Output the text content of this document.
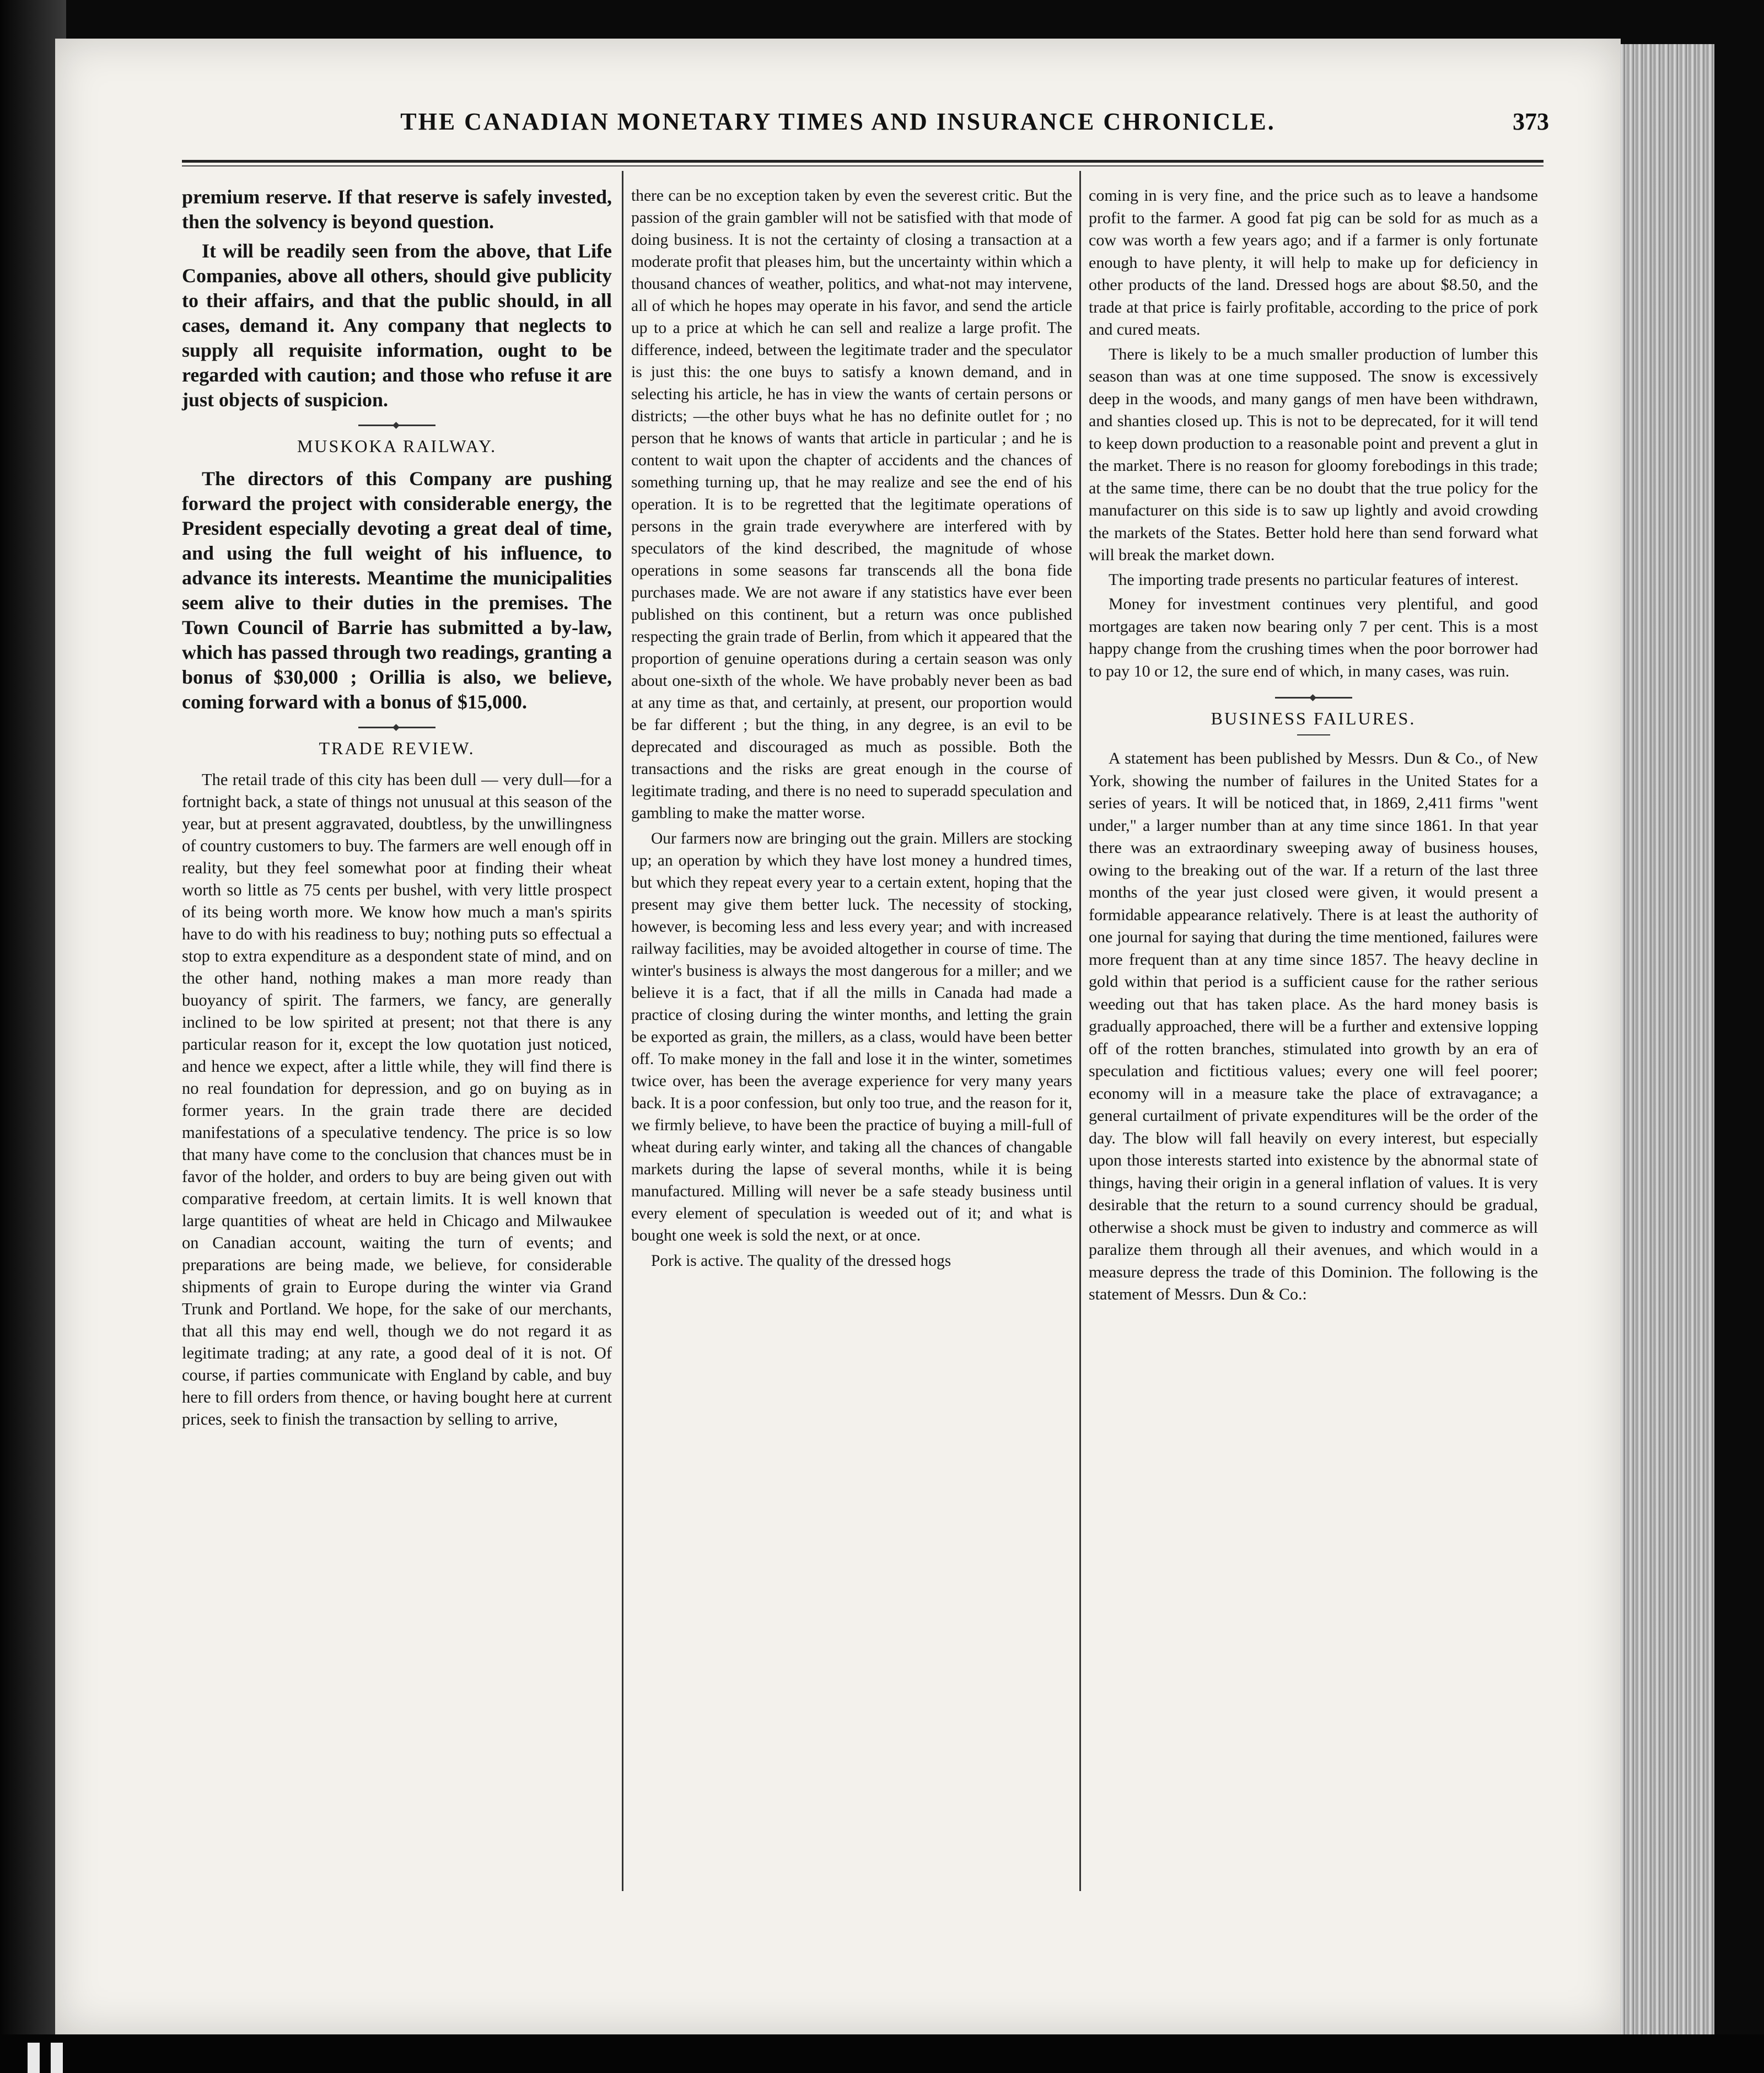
THE CANADIAN MONETARY TIMES AND INSURANCE CHRONICLE.	373

premium reserve. If that reserve is safely invested, then the solvency is beyond question.

It will be readily seen from the above, that Life Companies, above all others, should give publicity to their affairs, and that the public should, in all cases, demand it. Any company that neglects to supply all requisite information, ought to be regarded with caution; and those who refuse it are just objects of suspicion.

MUSKOKA RAILWAY.

The directors of this Company are pushing forward the project with considerable energy, the President especially devoting a great deal of time, and using the full weight of his influence, to advance its interests. Meantime the municipalities seem alive to their duties in the premises. The Town Council of Barrie has submitted a by-law, which has passed through two readings, granting a bonus of $30,000 ; Orillia is also, we believe, coming forward with a bonus of $15,000.

TRADE REVIEW.

The retail trade of this city has been dull — very dull—for a fortnight back, a state of things not unusual at this season of the year, but at present aggravated, doubtless, by the unwillingness of country customers to buy. The farmers are well enough off in reality, but they feel somewhat poor at finding their wheat worth so little as 75 cents per bushel, with very little prospect of its being worth more. We know how much a man's spirits have to do with his readiness to buy; nothing puts so effectual a stop to extra expenditure as a despondent state of mind, and on the other hand, nothing makes a man more ready than buoyancy of spirit. The farmers, we fancy, are generally inclined to be low spirited at present; not that there is any particular reason for it, except the low quotation just noticed, and hence we expect, after a little while, they will find there is no real foundation for depression, and go on buying as in former years. In the grain trade there are decided manifestations of a speculative tendency. The price is so low that many have come to the conclusion that chances must be in favor of the holder, and orders to buy are being given out with comparative freedom, at certain limits. It is well known that large quantities of wheat are held in Chicago and Milwaukee on Canadian account, waiting the turn of events; and preparations are being made, we believe, for considerable shipments of grain to Europe during the winter via Grand Trunk and Portland. We hope, for the sake of our merchants, that all this may end well, though we do not regard it as legitimate trading; at any rate, a good deal of it is not. Of course, if parties communicate with England by cable, and buy here to fill orders from thence, or having bought here at current prices, seek to finish the transaction by selling to arrive,

there can be no exception taken by even the severest critic. But the passion of the grain gambler will not be satisfied with that mode of doing business. It is not the certainty of closing a transaction at a moderate profit that pleases him, but the uncertainty within which a thousand chances of weather, politics, and what-not may intervene, all of which he hopes may operate in his favor, and send the article up to a price at which he can sell and realize a large profit. The difference, indeed, between the legitimate trader and the speculator is just this: the one buys to satisfy a known demand, and in selecting his article, he has in view the wants of certain persons or districts; —the other buys what he has no definite outlet for ; no person that he knows of wants that article in particular ; and he is content to wait upon the chapter of accidents and the chances of something turning up, that he may realize and see the end of his operation. It is to be regretted that the legitimate operations of persons in the grain trade everywhere are interfered with by speculators of the kind described, the magnitude of whose operations in some seasons far transcends all the bona fide purchases made. We are not aware if any statistics have ever been published on this continent, but a return was once published respecting the grain trade of Berlin, from which it appeared that the proportion of genuine operations during a certain season was only about one-sixth of the whole. We have probably never been as bad at any time as that, and certainly, at present, our proportion would be far different ; but the thing, in any degree, is an evil to be deprecated and discouraged as much as possible. Both the transactions and the risks are great enough in the course of legitimate trading, and there is no need to superadd speculation and gambling to make the matter worse.

Our farmers now are bringing out the grain. Millers are stocking up; an operation by which they have lost money a hundred times, but which they repeat every year to a certain extent, hoping that the present may give them better luck. The necessity of stocking, however, is becoming less and less every year; and with increased railway facilities, may be avoided altogether in course of time. The winter's business is always the most dangerous for a miller; and we believe it is a fact, that if all the mills in Canada had made a practice of closing during the winter months, and letting the grain be exported as grain, the millers, as a class, would have been better off. To make money in the fall and lose it in the winter, sometimes twice over, has been the average experience for very many years back. It is a poor confession, but only too true, and the reason for it, we firmly believe, to have been the practice of buying a mill-full of wheat during early winter, and taking all the chances of changable markets during the lapse of several months, while it is being manufactured. Milling will never be a safe steady business until every element of speculation is weeded out of it; and what is bought one week is sold the next, or at once.

Pork is active. The quality of the dressed hogs

coming in is very fine, and the price such as to leave a handsome profit to the farmer. A good fat pig can be sold for as much as a cow was worth a few years ago; and if a farmer is only fortunate enough to have plenty, it will help to make up for deficiency in other products of the land. Dressed hogs are about $8.50, and the trade at that price is fairly profitable, according to the price of pork and cured meats.

There is likely to be a much smaller production of lumber this season than was at one time supposed. The snow is excessively deep in the woods, and many gangs of men have been withdrawn, and shanties closed up. This is not to be deprecated, for it will tend to keep down production to a reasonable point and prevent a glut in the market. There is no reason for gloomy forebodings in this trade; at the same time, there can be no doubt that the true policy for the manufacturer on this side is to saw up lightly and avoid crowding the markets of the States. Better hold here than send forward what will break the market down.

The importing trade presents no particular features of interest.

Money for investment continues very plentiful, and good mortgages are taken now bearing only 7 per cent. This is a most happy change from the crushing times when the poor borrower had to pay 10 or 12, the sure end of which, in many cases, was ruin.

BUSINESS FAILURES.

A statement has been published by Messrs. Dun & Co., of New York, showing the number of failures in the United States for a series of years. It will be noticed that, in 1869, 2,411 firms "went under," a larger number than at any time since 1861. In that year there was an extraordinary sweeping away of business houses, owing to the breaking out of the war. If a return of the last three months of the year just closed were given, it would present a formidable appearance relatively. There is at least the authority of one journal for saying that during the time mentioned, failures were more frequent than at any time since 1857. The heavy decline in gold within that period is a sufficient cause for the rather serious weeding out that has taken place. As the hard money basis is gradually approached, there will be a further and extensive lopping off of the rotten branches, stimulated into growth by an era of speculation and fictitious values; every one will feel poorer; economy will in a measure take the place of extravagance; a general curtailment of private expenditures will be the order of the day. The blow will fall heavily on every interest, but especially upon those interests started into existence by the abnormal state of things, having their origin in a general inflation of values. It is very desirable that the return to a sound currency should be gradual, otherwise a shock must be given to industry and commerce as will paralize them through all their avenues, and which would in a measure depress the trade of this Dominion. The following is the statement of Messrs. Dun & Co.:
